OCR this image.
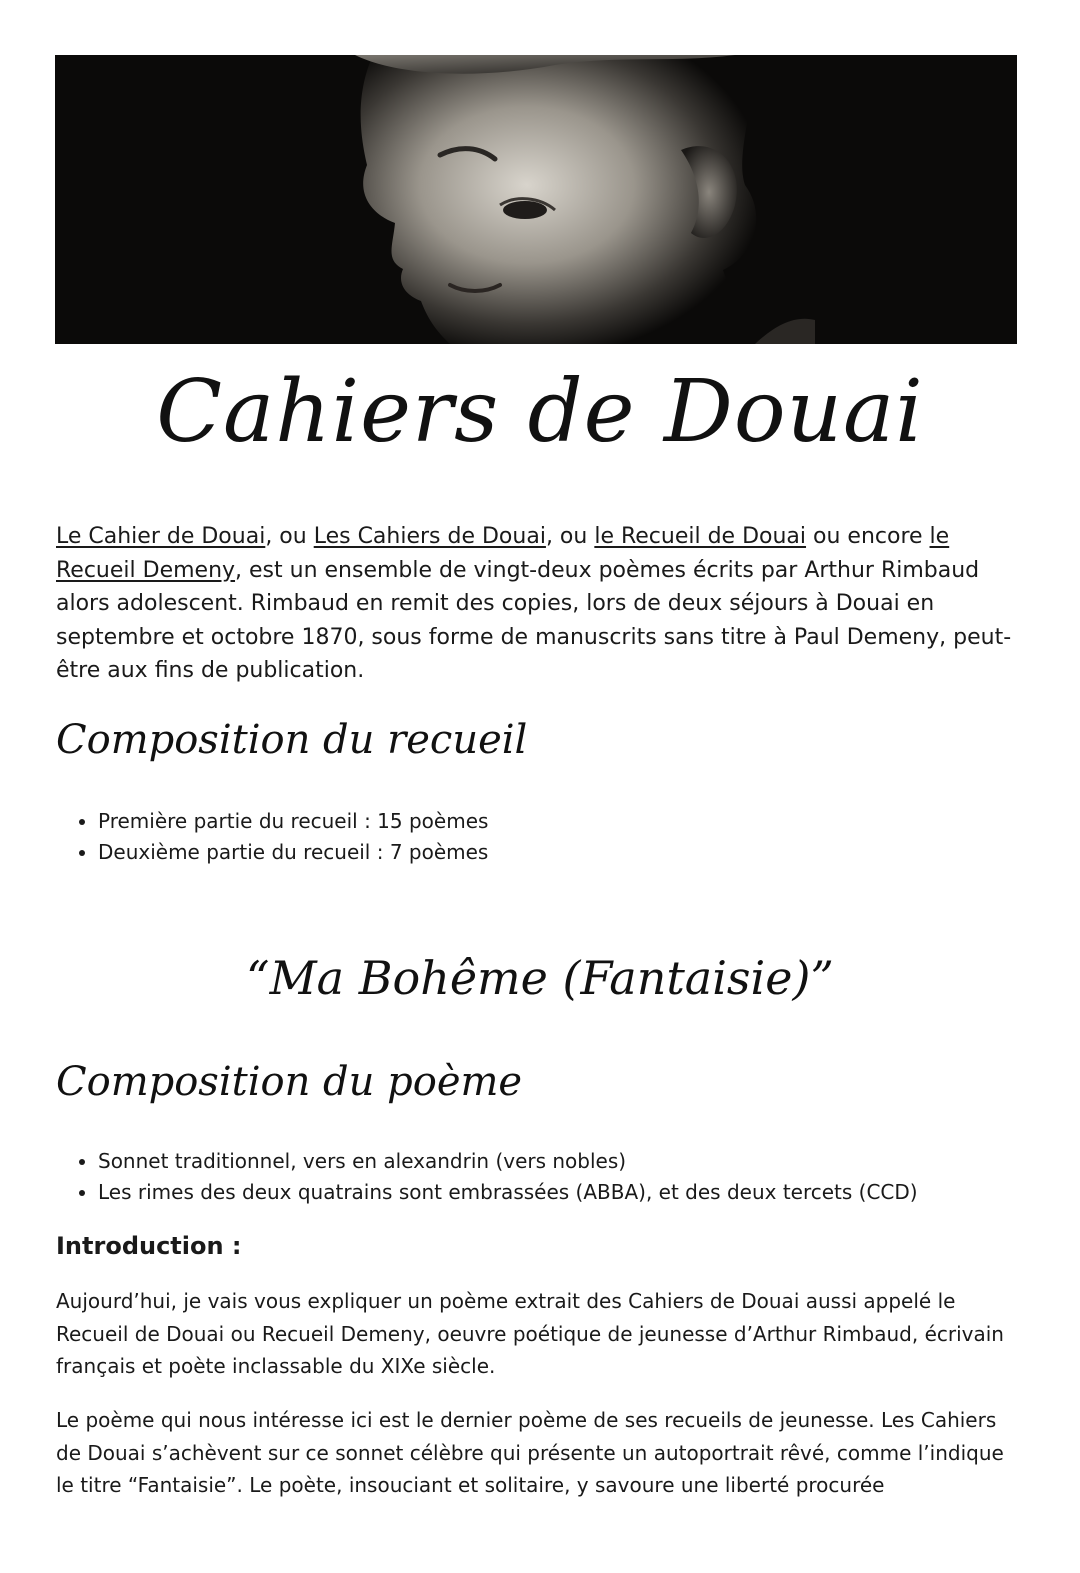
Cahiers de Douai

Le Cahier de Douai, ou Les Cahiers de Douai, ou le Recueil de Douai ou encore le Recueil Demeny, est un ensemble de vingt-deux poèmes écrits par Arthur Rimbaud alors adolescent. Rimbaud en remit des copies, lors de deux séjours à Douai en septembre et octobre 1870, sous forme de manuscrits sans titre à Paul Demeny, peut-être aux fins de publication.

Composition du recueil
• Première partie du recueil : 15 poèmes
• Deuxième partie du recueil : 7 poèmes
“Ma Bohême (Fantaisie)”
Composition du poème
• Sonnet traditionnel, vers en alexandrin (vers nobles)
• Les rimes des deux quatrains sont embrassées (ABBA), et des deux tercets (CCD)
Introduction :

Aujourd’hui, je vais vous expliquer un poème extrait des Cahiers de Douai aussi appelé le Recueil de Douai ou Recueil Demeny, oeuvre poétique de jeunesse d’Arthur Rimbaud, écrivain français et poète inclassable du XIXe siècle.

Le poème qui nous intéresse ici est le dernier poème de ses recueils de jeunesse. Les Cahiers de Douai s’achèvent sur ce sonnet célèbre qui présente un autoportrait rêvé, comme l’indique le titre “Fantaisie”. Le poète, insouciant et solitaire, y savoure une liberté procurée
